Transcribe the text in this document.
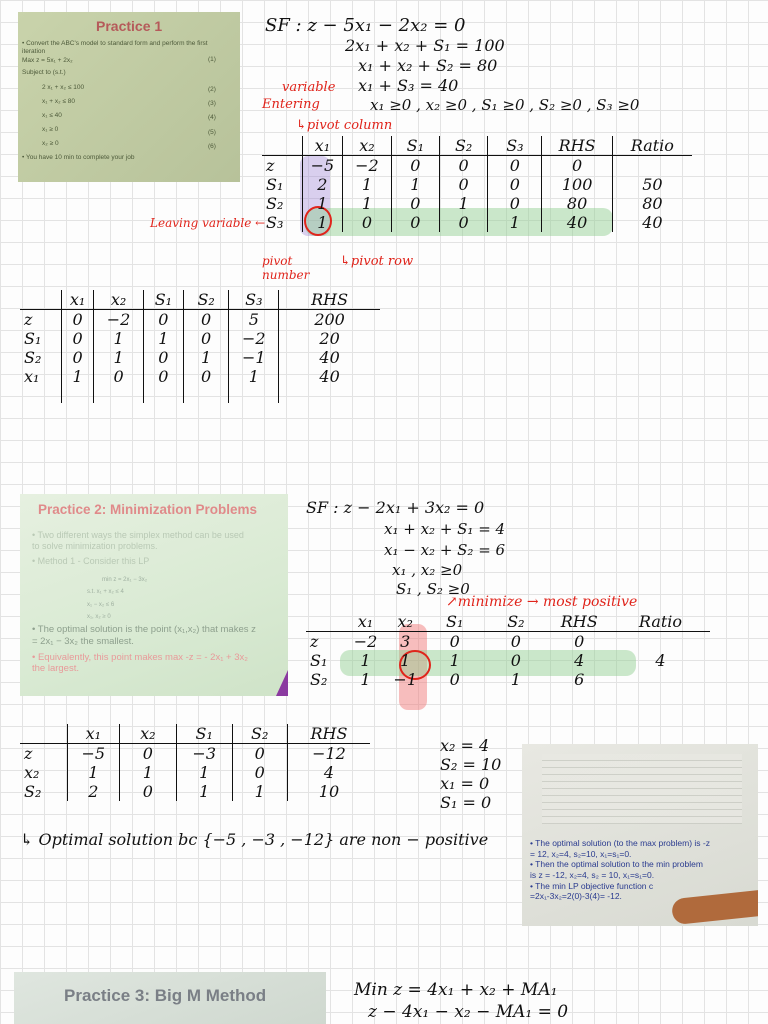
Practice 1
• Convert the ABC's model to standard form and perform the first
iteration
Max z = 5x₁ + 2x₂
Subject to (s.t.)
2 x₁ + x₂ ≤ 100
x₁ + x₂ ≤ 80
x₁ ≤ 40
x₁ ≥ 0
x₂ ≥ 0
• You have 10 min to complete your job
(1)
(2)
(3)
(4)
(5)
(6)
SF : z − 5x₁ − 2x₂ = 0
2x₁ + x₂ + S₁ = 100
x₁ + x₂ + S₂ = 80
x₁ + S₃ = 40
x₁ ≥0 , x₂ ≥0 , S₁ ≥0 , S₂ ≥0 , S₃ ≥0
variable
Entering
↳pivot column
	x₁	x₂	S₁	S₂	S₃	RHS	Ratio
z	−5	−2	0	0	0	0	
S₁	2	1	1	0	0	100	50
S₂	1	1	0	1	0	80	80
S₃	1	0	0	0	1	40	40
Leaving variable ←
pivot number
↳pivot row
	x₁	x₂	S₁	S₂	S₃	RHS
z	0	−2	0	0	5	200
S₁	0	1	1	0	−2	20
S₂	0	1	0	1	−1	40
x₁	1	0	0	0	1	40
Practice 2: Minimization Problems
• Two different ways the simplex method can be used
to solve minimization problems.
• Method 1 - Consider this LP
min z = 2x₁ − 3x₂
s.t. x₁ + x₂ ≤ 4
x₁ − x₂ ≤ 6
x₁, x₂ ≥ 0
• The optimal solution is the point (x₁,x₂) that makes z
= 2x₁ − 3x₂ the smallest.
• Equivalently, this point makes max -z = - 2x₁ + 3x₂
the largest.
SF : z − 2x₁ + 3x₂ = 0
x₁ + x₂ + S₁ = 4
x₁ − x₂ + S₂ = 6
x₁ , x₂ ≥0
S₁ , S₂ ≥0
↗minimize → most positive
	x₁	x₂	S₁	S₂	RHS	Ratio
z	−2	3	0	0	0	
S₁	1	1	1	0	4	4
S₂	1	−1	0	1	6	
	x₁	x₂	S₁	S₂	RHS
z	−5	0	−3	0	−12
x₂	1	1	1	0	4
S₂	2	0	1	1	10
x₂ = 4
S₂ = 10
x₁ = 0
S₁ = 0
↳ Optimal solution bc {−5 , −3 , −12} are non − positive	• The optimal solution (to the max problem) is -z
= 12, x₂=4, s₂=10, x₁=s₁=0.
• Then the optimal solution to the min problem
is z = -12, x₂=4, s₂ = 10, x₁=s₁=0.
• The min LP objective function c
=2x₁-3x₂=2(0)-3(4)= -12.
Practice 3: Big M Method	Min z = 4x₁ + x₂ + MA₁
z − 4x₁ − x₂ − MA₁ = 0
